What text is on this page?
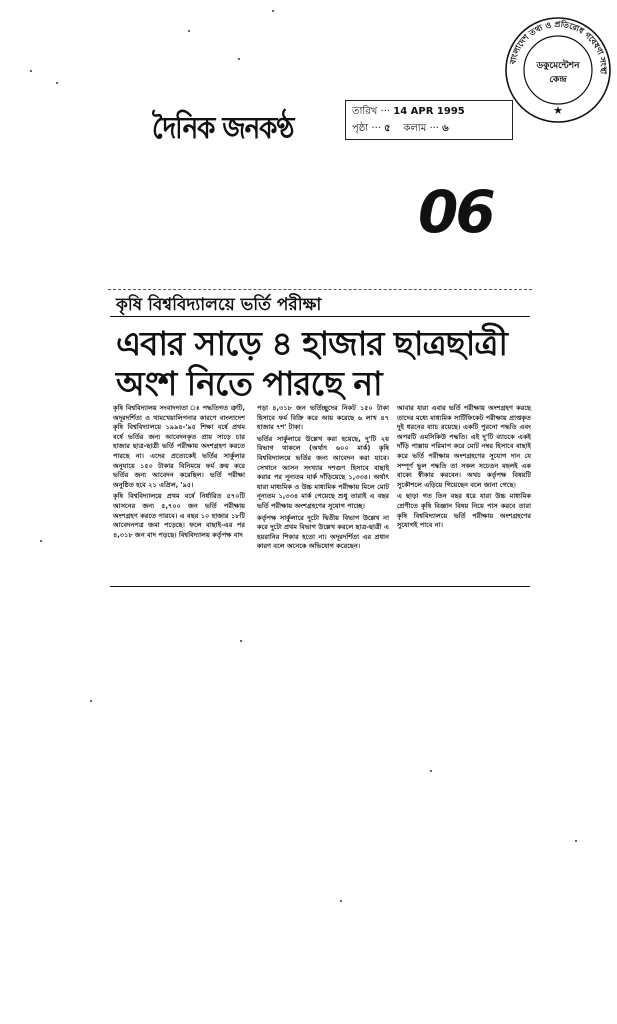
দৈনিক জনকণ্ঠ
তারিখ ··· 14 APR 1995
পৃষ্ঠা ··· ৫ কলাম ··· ৬
বাংলাদেশ তথ্য ও প্রতিরোধ গবেষণা সংস্থা
ডকুমেন্টেশন
কেন্দ্র
★
06
কৃষি বিশ্ববিদ্যালয়ে ভর্তি পরীক্ষা
এবার সাড়ে ৪ হাজার ছাত্রছাত্রী
অংশ নিতে পারছে না

কৃষি বিশ্ববিদ্যালয় সংবাদদাতা ঃ পদ্ধতিগত ত্রুটি, অদূরদর্শিতা ও খামখেয়ালিপনার কারণে বাংলাদেশ কৃষি বিশ্ববিদ্যালয়ে ১৯৯৪-'৯৫ শিক্ষা বর্ষে প্রথম বর্ষে ভর্তির জন্য আবেদনকৃত প্রায় সাড়ে চার হাজার ছাত্র-ছাত্রী ভর্তি পরীক্ষায় অংশগ্রহণ করতে পারছে না। এদের প্রত্যেকেই ভর্তির সার্কুলার অনুযায়ে ১৫০ টাকার বিনিময়ে ফর্ম ক্রয় করে ভর্তির জন্য আবেদন করেছিল। ভর্তি পরীক্ষা অনুষ্ঠিত হবে ২১ এপ্রিল, '৯৫।

কৃষি বিশ্ববিদ্যালয়ে প্রথম বর্ষে নির্ধারিত ৫৭০টি আসনের জন্য ৫,৭০০ জন ভর্তি পরীক্ষায় অংশগ্রহণ করতে পারবে। এ বছর ১০ হাজার ১৮টি আবেদনপত্র জমা পড়েছে। ফলে বাছাই-এর পর ৪,৩১৮ জন বাদ পড়ছে। বিশ্ববিদ্যালয় কর্তৃপক্ষ বাদ

পড়া ৪,৩১৮ জন ভর্তিচ্ছুদের নিকট ১৫০ টাকা হিসাবে ফর্ম বিক্রি করে আয় করেছে ৬ লাখ ৪৭ হাজার ৭শ' টাকা।

ভর্তির সার্কুলারে উল্লেখ করা হয়েছে, দু'টি ২য় বিভাগ থাকলে (অর্থাৎ ৬০০ মার্ক) কৃষি বিশ্ববিদ্যালয়ে ভর্তির জন্য আবেদন করা যাবে। সেখানে আসন সংখ্যার দশগুণ হিসাবে বাছাই করার পর নূন্যতম মার্ক দাঁড়িয়েছে ১,৩৩৪। অর্থাৎ যারা মাধ্যমিক ও উচ্চ মাধ্যমিক পরীক্ষায় মিলে মোট নূন্যতম ১,৩৩৪ মার্ক পেয়েছে শুধু তারাই এ বছর ভর্তি পরীক্ষায় অংশগ্রহণের সুযোগ পাচ্ছে।

কর্তৃপক্ষ সার্কুলারে দুটো দ্বিতীয় বিভাগ উল্লেখ না করে দুটো প্রথম বিভাগ উল্লেখ করলে ছাত্র-ছাত্রী এ হয়রানির শিকার হতো না। অদূরদর্শিতা এর প্রধান কারণ বলে অনেকে অভিযোগ করেছেন।

আবার যারা এবার ভর্তি পরীক্ষায় অংশগ্রহণ করছে তাদের মধ্যে মাধ্যমিক সার্টিফিকেট পরীক্ষায় প্রাপ্তকৃত দুই ধরনের ব্যাচ রয়েছে। একটি পুরনো পদ্ধতি এবং অপরটি এমসিকিউ পদ্ধতি। এই দু'টি ব্যাচকে একই দাঁড়ি পাল্লায় পরিমাপ করে মোট নম্বর হিসাবে বাছাই করে ভর্তি পরীক্ষায় অংশগ্রহণের সুযোগ দান যে সম্পূর্ণ ভুল পদ্ধতি তা সকল সচেতন মহলই এক বাক্যে স্বীকার করবেন। অথচ কর্তৃপক্ষ বিষয়টি সুকৌশলে এড়িয়ে গিয়েছেন বলে জানা গেছে।

এ ছাড়া গত তিন বছর ধরে যারা উচ্চ মাধ্যমিক শ্রেণীতে কৃষি বিজ্ঞান বিষয় নিয়ে পাস করবে তারা কৃষি বিশ্ববিদ্যালয়ে ভর্তি পরীক্ষায় অংশগ্রহণের সুযোগই পাবে না।
